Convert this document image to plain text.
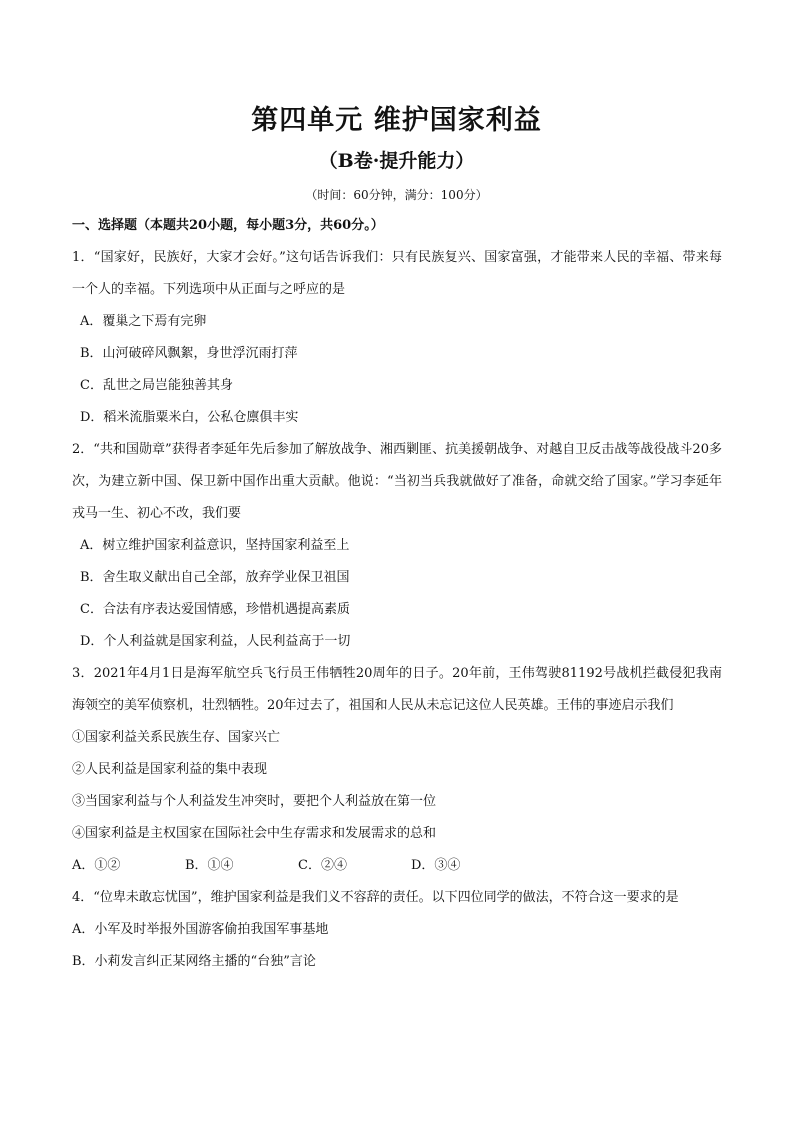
第四单元 维护国家利益
（B卷·提升能力）
（时间：60分钟，满分：100分）
一、选择题（本题共20小题，每小题3分，共60分。）

1．“国家好，民族好，大家才会好。”这句话告诉我们：只有民族复兴、国家富强，才能带来人民的幸福、带来每一个人的幸福。下列选项中从正面与之呼应的是

A．覆巢之下焉有完卵

B．山河破碎风飘絮，身世浮沉雨打萍

C．乱世之局岂能独善其身

D．稻米流脂粟米白，公私仓廪俱丰实

2．“共和国勋章”获得者李延年先后参加了解放战争、湘西剿匪、抗美援朝战争、对越自卫反击战等战役战斗20多次，为建立新中国、保卫新中国作出重大贡献。他说：“当初当兵我就做好了准备，命就交给了国家。”学习李延年戎马一生、初心不改，我们要

A．树立维护国家利益意识，坚持国家利益至上

B．舍生取义献出自己全部，放弃学业保卫祖国

C．合法有序表达爱国情感，珍惜机遇提高素质

D．个人利益就是国家利益，人民利益高于一切

3．2021年4月1日是海军航空兵飞行员王伟牺牲20周年的日子。20年前，王伟驾驶81192号战机拦截侵犯我南海领空的美军侦察机，壮烈牺牲。20年过去了，祖国和人民从未忘记这位人民英雄。王伟的事迹启示我们

①国家利益关系民族生存、国家兴亡

②人民利益是国家利益的集中表现

③当国家利益与个人利益发生冲突时，要把个人利益放在第一位

④国家利益是主权国家在国际社会中生存需求和发展需求的总和

A．①②	B．①④	C．②④	D．③④

4．“位卑未敢忘忧国”，维护国家利益是我们义不容辞的责任。以下四位同学的做法，不符合这一要求的是

A．小军及时举报外国游客偷拍我国军事基地

B．小莉发言纠正某网络主播的“台独”言论
